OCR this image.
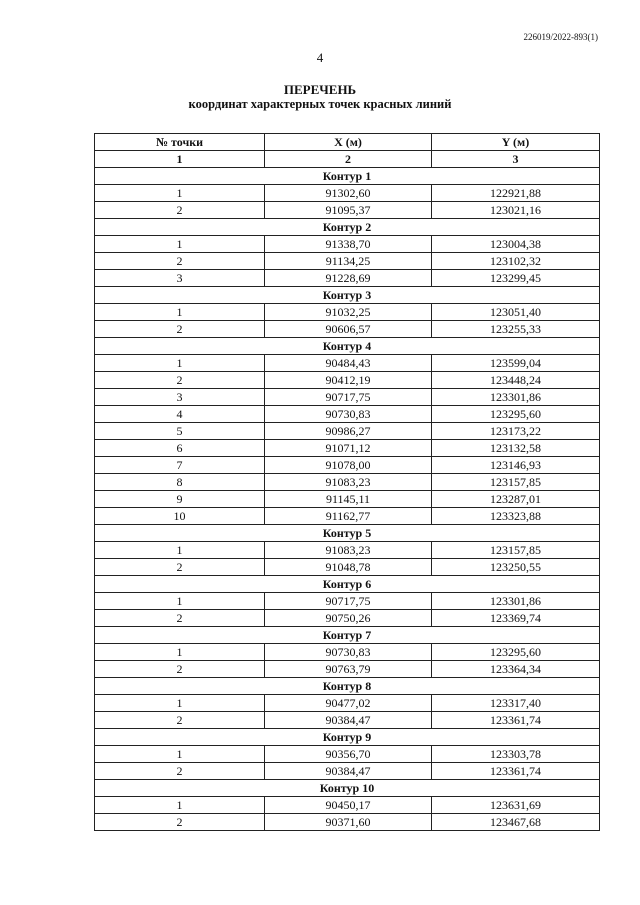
226019/2022-893(1)
4
ПЕРЕЧЕНЬ
координат характерных точек красных линий
№ точки	X (м)	Y (м)
1	2	3
Контур 1		
1	91302,60	122921,88
2	91095,37	123021,16
Контур 2		
1	91338,70	123004,38
2	91134,25	123102,32
3	91228,69	123299,45
Контур 3		
1	91032,25	123051,40
2	90606,57	123255,33
Контур 4		
1	90484,43	123599,04
2	90412,19	123448,24
3	90717,75	123301,86
4	90730,83	123295,60
5	90986,27	123173,22
6	91071,12	123132,58
7	91078,00	123146,93
8	91083,23	123157,85
9	91145,11	123287,01
10	91162,77	123323,88
Контур 5		
1	91083,23	123157,85
2	91048,78	123250,55
Контур 6		
1	90717,75	123301,86
2	90750,26	123369,74
Контур 7		
1	90730,83	123295,60
2	90763,79	123364,34
Контур 8		
1	90477,02	123317,40
2	90384,47	123361,74
Контур 9		
1	90356,70	123303,78
2	90384,47	123361,74
Контур 10		
1	90450,17	123631,69
2	90371,60	123467,68
